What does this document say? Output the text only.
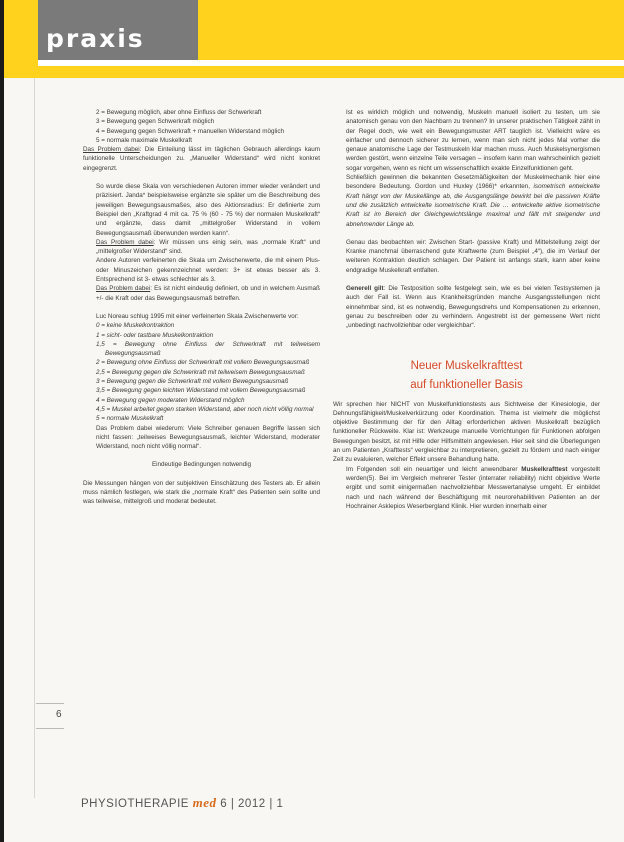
praxis
6

2 = Bewegung möglich, aber ohne Einfluss der Schwerkraft

3 = Bewegung gegen Schwerkraft möglich

4 = Bewegung gegen Schwerkraft + manuellen Widerstand möglich

5 = normale maximale Muskelkraft

Das Problem dabei: Die Einteilung lässt im täglichen Gebrauch allerdings kaum funktionelle Unterscheidungen zu. „Manueller Widerstand“ wird nicht konkret eingegrenzt.

So wurde diese Skala von verschiedenen Autoren immer wieder verändert und präzisiert. Janda* beispielsweise ergänzte sie später um die Beschreibung des jeweiligen Bewegungsausmaßes, also des Aktionsradius: Er definierte zum Beispiel den „Kraftgrad 4 mit ca. 75 % (60 - 75 %) der normalen Muskelkraft“ und ergänzte, dass damit „mittelgroßer Widerstand in vollem Bewegungsausmaß überwunden werden kann“.

Das Problem dabei: Wir müssen uns einig sein, was „normale Kraft“ und „mittelgroßer Widerstand“ sind.

Andere Autoren verfeinerten die Skala um Zwischenwerte, die mit einem Plus- oder Minuszeichen gekennzeichnet werden: 3+ ist etwas besser als 3. Entsprechend ist 3- etwas schlechter als 3.

Das Problem dabei: Es ist nicht eindeutig definiert, ob und in welchem Ausmaß +/- die Kraft oder das Bewegungsausmaß betreffen.

Luc Noreau schlug 1995 mit einer verfeinerten Skala Zwischenwerte vor:

0 = keine Muskelkontraktion

1 = sicht- oder tastbare Muskelkontraktion

1,5 = Bewegung ohne Einfluss der Schwerkraft mit teilweisem Bewegungsausmaß

2 = Bewegung ohne Einfluss der Schwerkraft mit vollem Bewegungsausmaß

2,5 = Bewegung gegen die Schwerkraft mit teilweisem Bewegungsausmaß

3 = Bewegung gegen die Schwerkraft mit vollem Bewegungsausmaß

3,5 = Bewegung gegen leichten Widerstand mit vollem Bewegungsausmaß

4 = Bewegung gegen moderaten Widerstand möglich

4,5 = Muskel arbeitet gegen starken Widerstand, aber noch nicht völlig normal

5 = normale Muskelkraft

Das Problem dabei wiederum: Viele Schreiber genauen Begriffe lassen sich nicht fassen: „teilweises Bewegungsausmaß, leichter Widerstand, moderater Widerstand, noch nicht völlig normal“.

Eindeutige Bedingungen notwendig

Die Messungen hängen von der subjektiven Einschätzung des Testers ab. Er allein muss nämlich festlegen, wie stark die „normale Kraft“ des Patienten sein sollte und was teilweise, mittelgroß und moderat bedeutet.

Ist es wirklich möglich und notwendig, Muskeln manuell isoliert zu testen, um sie anatomisch genau von den Nachbarn zu trennen? In unserer praktischen Tätigkeit zählt in der Regel doch, wie weit ein Bewegungsmuster ART tauglich ist. Vielleicht wäre es einfacher und dennoch sicherer zu lernen, wenn man sich nicht jedes Mal vorher die genaue anatomische Lage der Testmuskeln klar machen muss. Auch Muskelsynergismen werden gestört, wenn einzelne Teile versagen – insofern kann man wahrscheinlich gezielt sogar vorgehen, wenn es nicht um wissenschaftlich exakte Einzelfunktionen geht.

Schließlich gewinnen die bekannten Gesetzmäßigkeiten der Muskelmechanik hier eine besondere Bedeutung. Gordon und Huxley (1966)* erkannten, isometrisch entwickelte Kraft hängt von der Muskellänge ab, die Ausgangslänge bewirkt bei die passiven Kräfte und die zusätzlich entwickelte isometrische Kraft. Die … entwickelte aktive isometrische Kraft ist im Bereich der Gleichgewichtslänge maximal und fällt mit steigender und abnehmender Länge ab.

Genau das beobachten wir: Zwischen Start- (passive Kraft) und Mittelstellung zeigt der Kranke manchmal überraschend gute Kraftwerte (zum Beispiel „4“), die im Verlauf der weiteren Kontraktion deutlich schlagen. Der Patient ist anfangs stark, kann aber keine endgradige Muskelkraft entfalten.

Generell gilt: Die Testposition sollte festgelegt sein, wie es bei vielen Testsystemen ja auch der Fall ist. Wenn aus Krankheitsgründen manche Ausgangsstellungen nicht einnehmbar sind, ist es notwendig, Bewegungsdrehs und Kompensationen zu erkennen, genau zu beschreiben oder zu verhindern. Angestrebt ist der gemessene Wert nicht „unbedingt nachvollziehbar oder vergleichbar“.

Neuer Muskelkrafttest

auf funktioneller Basis

Wir sprechen hier NICHT von Muskelfunktionstests aus Sichtweise der Kinesiologie, der Dehnungsfähigkeit/Muskelverkürzung oder Koordination. Thema ist vielmehr die möglichst objektive Bestimmung der für den Alltag erforderlichen aktiven Muskelkraft bezüglich funktioneller Rückweite. Klar ist: Werkzeuge manuelle Vorrichtungen für Funktionen abfolgen Bewegungen besitzt, ist mit Hilfe oder Hilfsmitteln angewiesen. Hier seit sind die Überlegungen an um Patienten „Krafttests“ vergleichbar zu interpretieren, gezielt zu fördern und nach einiger Zeit zu evaluieren, welcher Effekt unsere Behandlung hatte.

Im Folgenden soll ein neuartiger und leicht anwendbarer Muskelkrafttest vorgestellt werden(5). Bei im Vergleich mehrerer Tester (interrater reliability) nicht objektive Werte ergibt und somit einigermaßen nachvollziehbar Messwertanalyse umgeht. Er einbildet nach und nach während der Beschäftigung mit neurorehabilitiven Patienten an der Hochrainer Asklepios Weserbergland Klinik. Hier wurden innerhalb einer

PHYSIOTHERAPIE med 6 | 2012 | 1
